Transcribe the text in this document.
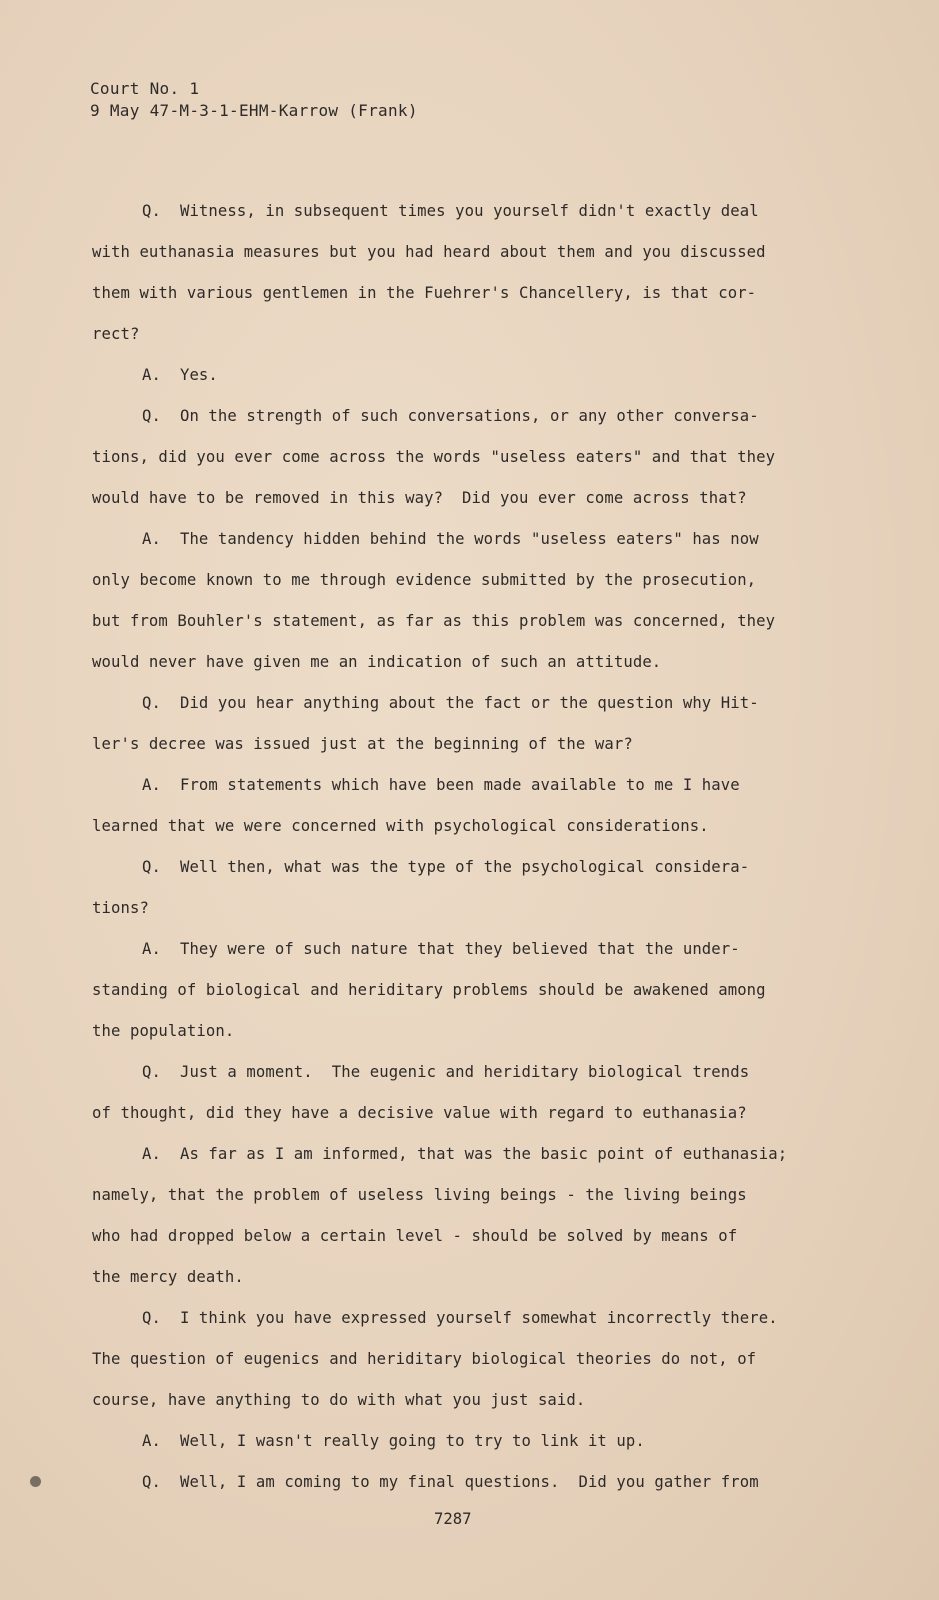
Court No. 1
9 May 47-M-3-1-EHM-Karrow (Frank)
Q.  Witness, in subsequent times you yourself didn't exactly deal
with euthanasia measures but you had heard about them and you discussed
them with various gentlemen in the Fuehrer's Chancellery, is that cor-
rect?
A.  Yes.
Q.  On the strength of such conversations, or any other conversa-
tions, did you ever come across the words "useless eaters" and that they
would have to be removed in this way?  Did you ever come across that?
A.  The tandency hidden behind the words "useless eaters" has now
only become known to me through evidence submitted by the prosecution,
but from Bouhler's statement, as far as this problem was concerned, they
would never have given me an indication of such an attitude.
Q.  Did you hear anything about the fact or the question why Hit-
ler's decree was issued just at the beginning of the war?
A.  From statements which have been made available to me I have
learned that we were concerned with psychological considerations.
Q.  Well then, what was the type of the psychological considera-
tions?
A.  They were of such nature that they believed that the under-
standing of biological and heriditary problems should be awakened among
the population.
Q.  Just a moment.  The eugenic and heriditary biological trends
of thought, did they have a decisive value with regard to euthanasia?
A.  As far as I am informed, that was the basic point of euthanasia;
namely, that the problem of useless living beings - the living beings
who had dropped below a certain level - should be solved by means of
the mercy death.
Q.  I think you have expressed yourself somewhat incorrectly there.
The question of eugenics and heriditary biological theories do not, of
course, have anything to do with what you just said.
A.  Well, I wasn't really going to try to link it up.
Q.  Well, I am coming to my final questions.  Did you gather from
7287
